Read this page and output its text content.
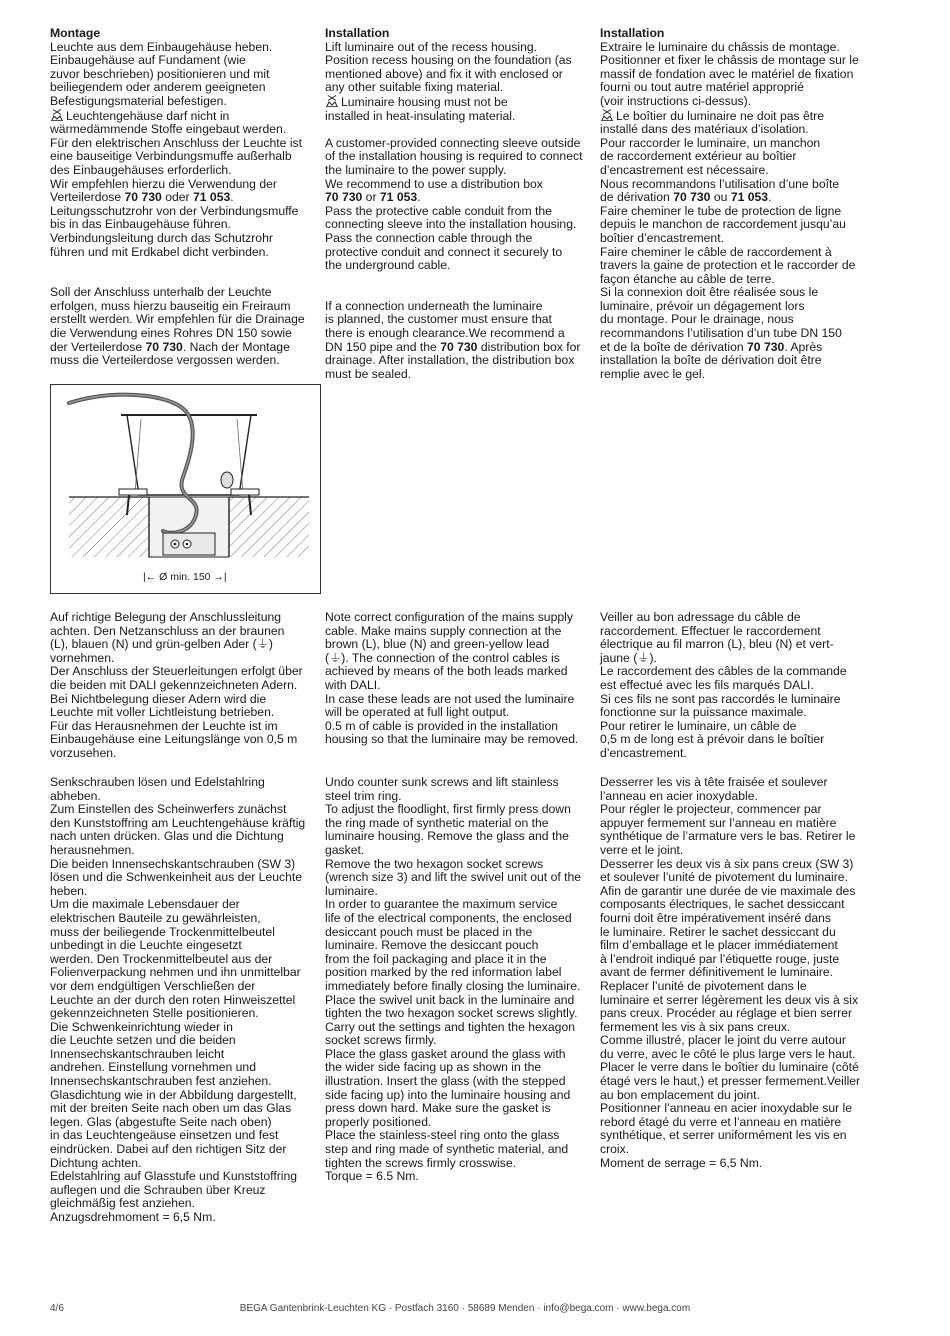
Montage

Leuchte aus dem Einbaugehäuse heben.

Einbaugehäuse auf Fundament (wie

zuvor beschrieben) positionieren und mit

beiliegendem oder anderem geeigneten

Befestigungsmaterial befestigen.

Leuchtengehäuse darf nicht in

wärmedämmende Stoffe eingebaut werden.

Für den elektrischen Anschluss der Leuchte ist

eine bauseitige Verbindungsmuffe außerhalb

des Einbaugehäuses erforderlich.

Wir empfehlen hierzu die Verwendung der

Verteilerdose 70 730 oder 71 053.

Leitungsschutzrohr von der Verbindungsmuffe

bis in das Einbaugehäuse führen.

Verbindungsleitung durch das Schutzrohr

führen und mit Erdkabel dicht verbinden.

Soll der Anschluss unterhalb der Leuchte

erfolgen, muss hierzu bauseitig ein Freiraum

erstellt werden. Wir empfehlen für die Drainage

die Verwendung eines Rohres DN 150 sowie

der Verteilerdose 70 730. Nach der Montage

muss die Verteilerdose vergossen werden.

Installation

Lift luminaire out of the recess housing.

Position recess housing on the foundation (as

mentioned above) and fix it with enclosed or

any other suitable fixing material.

Luminaire housing must not be

installed in heat-insulating material.

A customer-provided connecting sleeve outside

of the installation housing is required to connect

the luminaire to the power supply.

We recommend to use a distribution box

70 730 or 71 053.

Pass the protective cable conduit from the

connecting sleeve into the installation housing.

Pass the connection cable through the

protective conduit and connect it securely to

the underground cable.

If a connection underneath the luminaire

is planned, the customer must ensure that

there is enough clearance.We recommend a

DN 150 pipe and the 70 730 distribution box for

drainage. After installation, the distribution box

must be sealed.

Installation

Extraire le luminaire du châssis de montage.

Positionner et fixer le châssis de montage sur le

massif de fondation avec le matériel de fixation

fourni ou tout autre matériel approprié

(voir instructions ci-dessus).

Le boîtier du luminaire ne doit pas être

installé dans des matériaux d’isolation.

Pour raccorder le luminaire, un manchon

de raccordement extérieur au boîtier

d’encastrement est nécessaire.

Nous recommandons l’utilisation d’une boîte

de dérivation 70 730 ou 71 053.

Faire cheminer le tube de protection de ligne

depuis le manchon de raccordement jusqu’au

boîtier d’encastrement.

Faire cheminer le câble de raccordement à

travers la gaine de protection et le raccorder de

façon étanche au câble de terre.

Si la connexion doit être réalisée sous le

luminaire, prévoir un dégagement lors

du montage. Pour le drainage, nous

recommandons l’utilisation d’un tube DN 150

et de la boîte de dérivation 70 730. Après

installation la boîte de dérivation doit être

remplie avec le gel.

|← Ø min. 150 →|

Auf richtige Belegung der Anschlussleitung

achten. Den Netzanschluss an der braunen

(L), blauen (N) und grün-gelben Ader (⏚)

vornehmen.

Der Anschluss der Steuerleitungen erfolgt über

die beiden mit DALI gekennzeichneten Adern.

Bei Nichtbelegung dieser Adern wird die

Leuchte mit voller Lichtleistung betrieben.

Für das Herausnehmen der Leuchte ist im

Einbaugehäuse eine Leitungslänge von 0,5 m

vorzusehen.

Note correct configuration of the mains supply

cable. Make mains supply connection at the

brown (L), blue (N) and green-yellow lead

(⏚). The connection of the control cables is

achieved by means of the both leads marked

with DALI.

In case these leads are not used the luminaire

will be operated at full light output.

0.5 m of cable is provided in the installation

housing so that the luminaire may be removed.

Veiller au bon adressage du câble de

raccordement. Effectuer le raccordement

électrique au fil marron (L), bleu (N) et vert-

jaune (⏚).

Le raccordement des câbles de la commande

est effectué avec les fils marqués DALI.

Si ces fils ne sont pas raccordés le luminaire

fonctionne sur la puissance maximale.

Pour retirer le luminaire, un câble de

0,5 m de long est à prévoir dans le boîtier

d’encastrement.

Senkschrauben lösen und Edelstahlring

abheben.

Zum Einstellen des Scheinwerfers zunächst

den Kunststoffring am Leuchtengehäuse kräftig

nach unten drücken. Glas und die Dichtung

herausnehmen.

Die beiden Innensechskantschrauben (SW 3)

lösen und die Schwenkeinheit aus der Leuchte

heben.

Um die maximale Lebensdauer der

elektrischen Bauteile zu gewährleisten,

muss der beiliegende Trockenmittelbeutel

unbedingt in die Leuchte eingesetzt

werden. Den Trockenmittelbeutel aus der

Folienverpackung nehmen und ihn unmittelbar

vor dem endgültigen Verschließen der

Leuchte an der durch den roten Hinweiszettel

gekennzeichneten Stelle positionieren.

Die Schwenkeinrichtung wieder in

die Leuchte setzen und die beiden

Innensechskantschrauben leicht

andrehen. Einstellung vornehmen und

Innensechskantschrauben fest anziehen.

Glasdichtung wie in der Abbildung dargestellt,

mit der breiten Seite nach oben um das Glas

legen. Glas (abgestufte Seite nach oben)

in das Leuchtengeäuse einsetzen und fest

eindrücken. Dabei auf den richtigen Sitz der

Dichtung achten.

Edelstahlring auf Glasstufe und Kunststoffring

auflegen und die Schrauben über Kreuz

gleichmäßig fest anziehen.

Anzugsdrehmoment = 6,5 Nm.

Undo counter sunk screws and lift stainless

steel trim ring.

To adjust the floodlight, first firmly press down

the ring made of synthetic material on the

luminaire housing. Remove the glass and the

gasket.

Remove the two hexagon socket screws

(wrench size 3) and lift the swivel unit out of the

luminaire.

In order to guarantee the maximum service

life of the electrical components, the enclosed

desiccant pouch must be placed in the

luminaire. Remove the desiccant pouch

from the foil packaging and place it in the

position marked by the red information label

immediately before finally closing the luminaire.

Place the swivel unit back in the luminaire and

tighten the two hexagon socket screws slightly.

Carry out the settings and tighten the hexagon

socket screws firmly.

Place the glass gasket around the glass with

the wider side facing up as shown in the

illustration. Insert the glass (with the stepped

side facing up) into the luminaire housing and

press down hard. Make sure the gasket is

properly positioned.

Place the stainless-steel ring onto the glass

step and ring made of synthetic material, and

tighten the screws firmly crosswise.

Torque = 6.5 Nm.

Desserrer les vis à tête fraisée et soulever

l’anneau en acier inoxydable.

Pour régler le projecteur, commencer par

appuyer fermement sur l’anneau en matière

synthétique de l’armature vers le bas. Retirer le

verre et le joint.

Desserrer les deux vis à six pans creux (SW 3)

et soulever l’unité de pivotement du luminaire.

Afin de garantir une durée de vie maximale des

composants électriques, le sachet dessiccant

fourni doit être impérativement inséré dans

le luminaire. Retirer le sachet dessiccant du

film d’emballage et le placer immédiatement

à l’endroit indiqué par l’étiquette rouge, juste

avant de fermer définitivement le luminaire.

Replacer l’unité de pivotement dans le

luminaire et serrer légèrement les deux vis à six

pans creux. Procéder au réglage et bien serrer

fermement les vis à six pans creux.

Comme illustré, placer le joint du verre autour

du verre, avec le côté le plus large vers le haut.

Placer le verre dans le boîtier du luminaire (côté

étagé vers le haut,) et presser fermement.Veiller

au bon emplacement du joint.

Positionner l’anneau en acier inoxydable sur le

rebord étagé du verre et l’anneau en matière

synthétique, et serrer uniformément les vis en

croix.

Moment de serrage = 6,5 Nm.

4/6	BEGA Gantenbrink-Leuchten KG · Postfach 3160 · 58689 Menden · info@bega.com · www.bega.com
